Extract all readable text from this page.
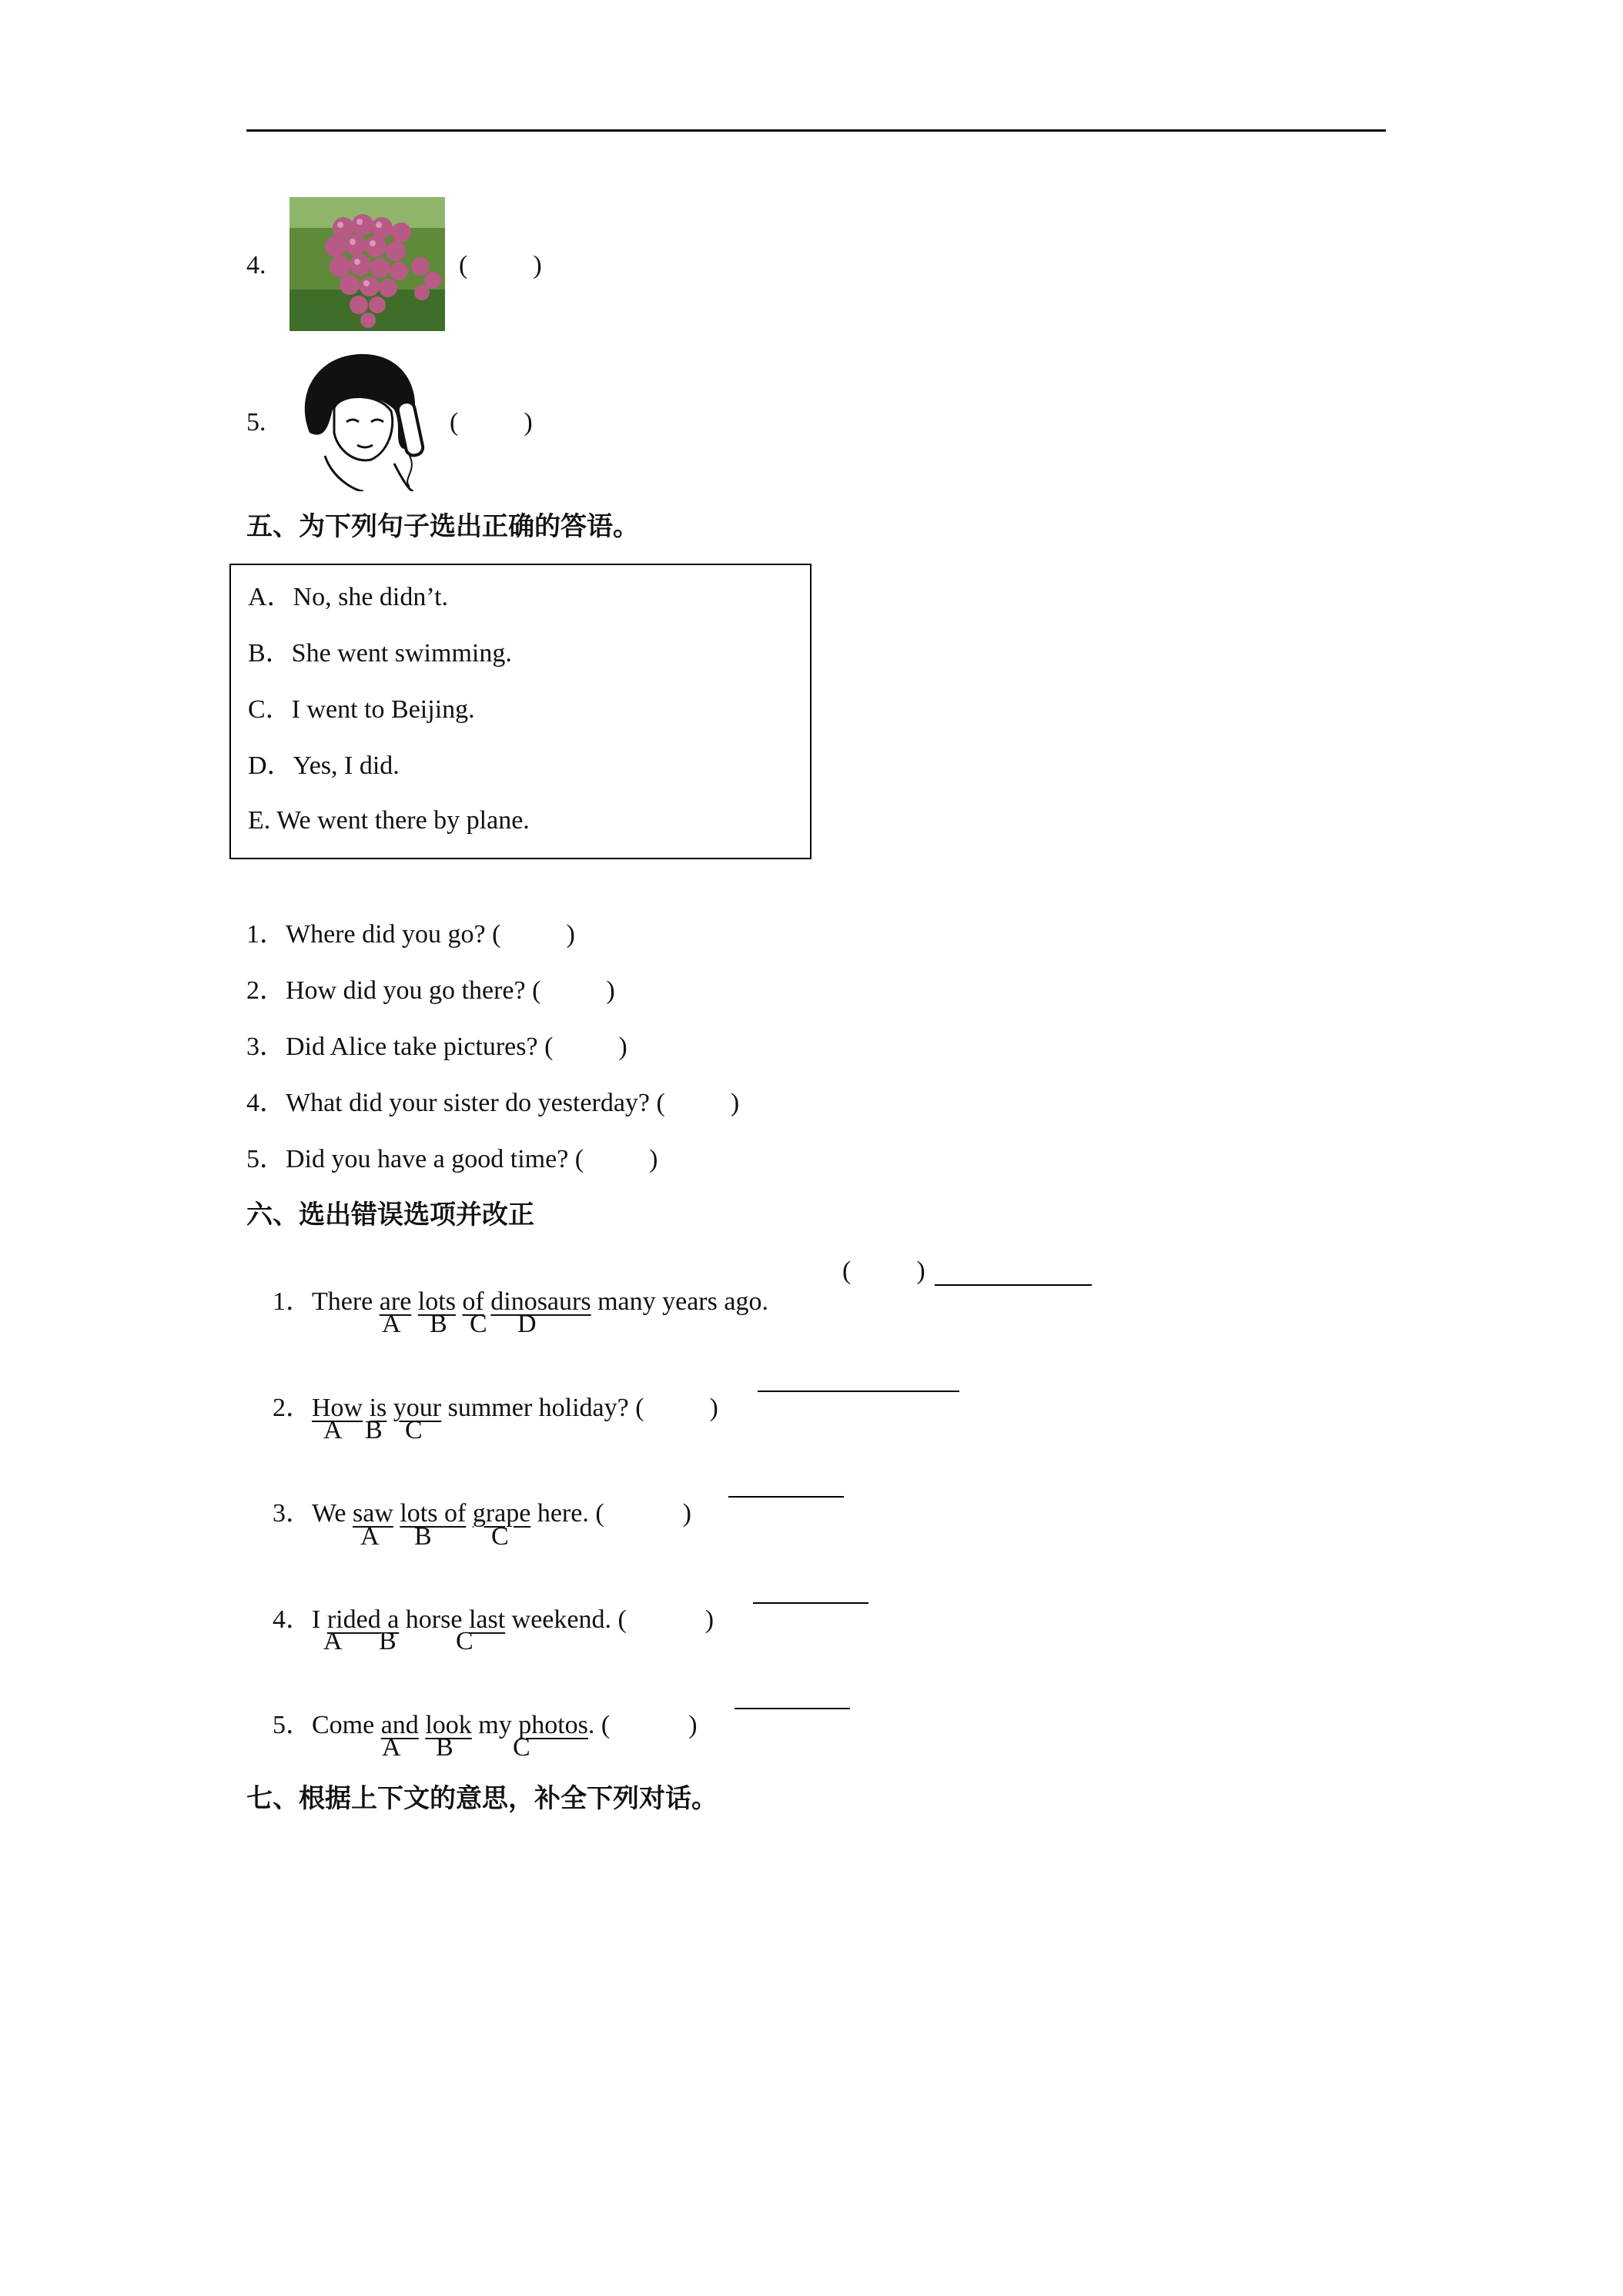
4.	(          )
5.	(          )
五、为下列句子选出正确的答语。
A．No, she didn’t.
B．She went swimming.
C．I went to Beijing.
D．Yes, I did.
E. We went there by plane.
1．Where did you go? (          )
2．How did you go there? (          )
3．Did Alice take pictures? (          )
4．What did your sister do yesterday? (          )
5．Did you have a good time? (          )
六、选出错误选项并改正

1．There are lots of dinosaurs many years ago.

(          )

A

B

C

D

2．How is your summer holiday? (          )

A

B

C

3．We saw lots of grape here. (            )

A

B

C

4．I rided a horse last weekend. (            )

A

B

C

5．Come and look my photos. (            )

A

B

C

七、根据上下文的意思，补全下列对话。
